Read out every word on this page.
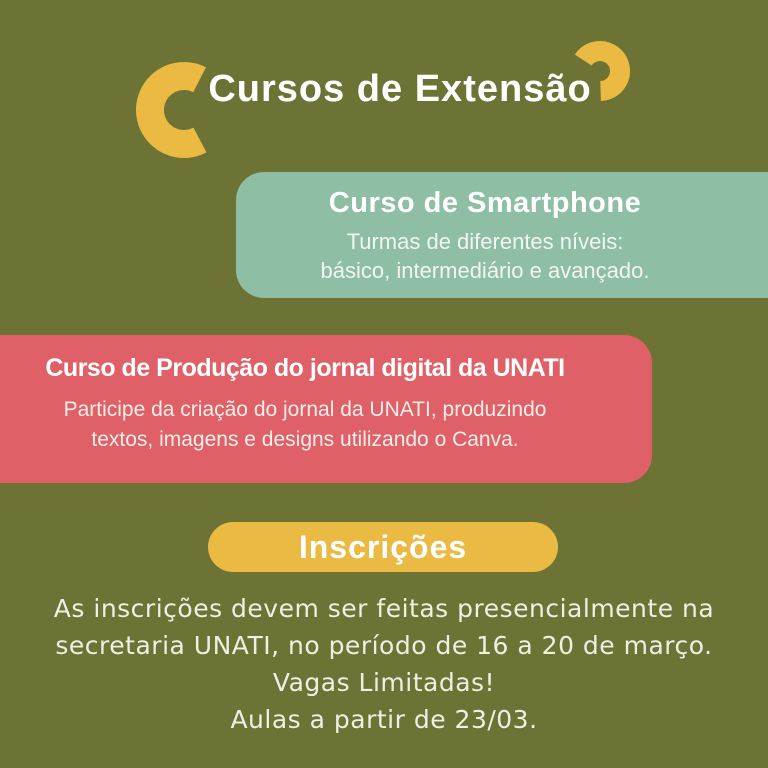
Cursos de Extensão
Curso de Smartphone
Turmas de diferentes níveis:
básico, intermediário e avançado.
Curso de Produção do jornal digital da UNATI
Participe da criação do jornal da UNATI, produzindo
textos, imagens e designs utilizando o Canva.
Inscrições
As inscrições devem ser feitas presencialmente na
secretaria UNATI, no período de 16 a 20 de março.
Vagas Limitadas!
Aulas a partir de 23/03.
